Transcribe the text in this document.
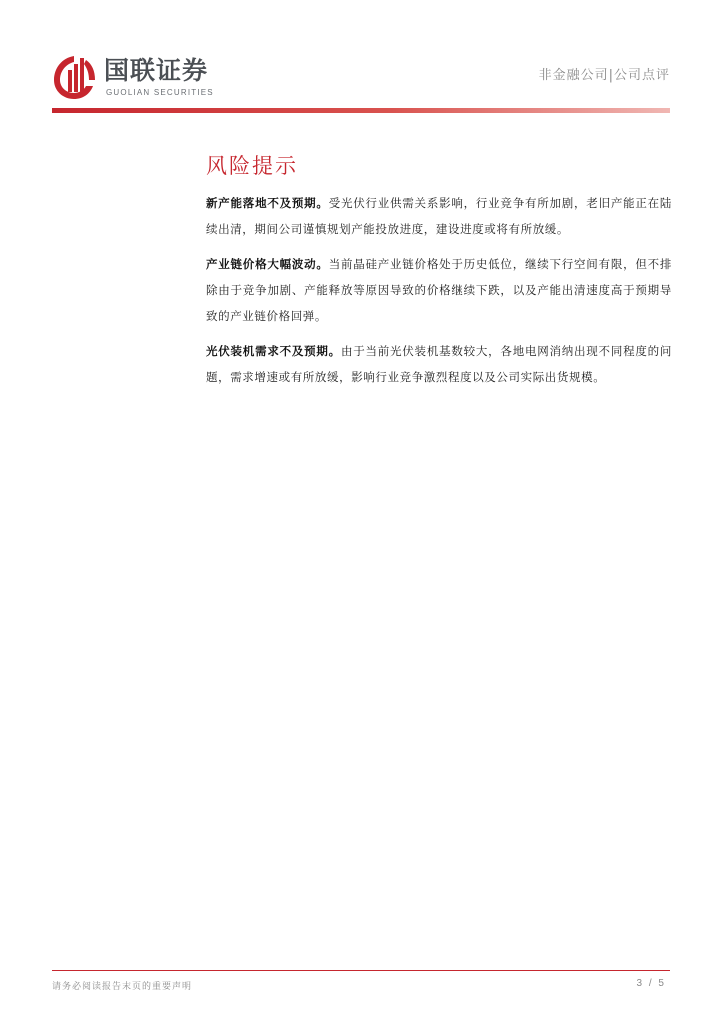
国联证券
GUOLIAN SECURITIES
非金融公司|公司点评
风险提示
新产能落地不及预期。受光伏行业供需关系影响，行业竞争有所加剧，老旧产能正在陆续出清，期间公司谨慎规划产能投放进度，建设进度或将有所放缓。
产业链价格大幅波动。当前晶硅产业链价格处于历史低位，继续下行空间有限，但不排除由于竞争加剧、产能释放等原因导致的价格继续下跌，以及产能出清速度高于预期导致的产业链价格回弹。
光伏装机需求不及预期。由于当前光伏装机基数较大，各地电网消纳出现不同程度的问题，需求增速或有所放缓，影响行业竞争激烈程度以及公司实际出货规模。
请务必阅读报告末页的重要声明	3 / 5
